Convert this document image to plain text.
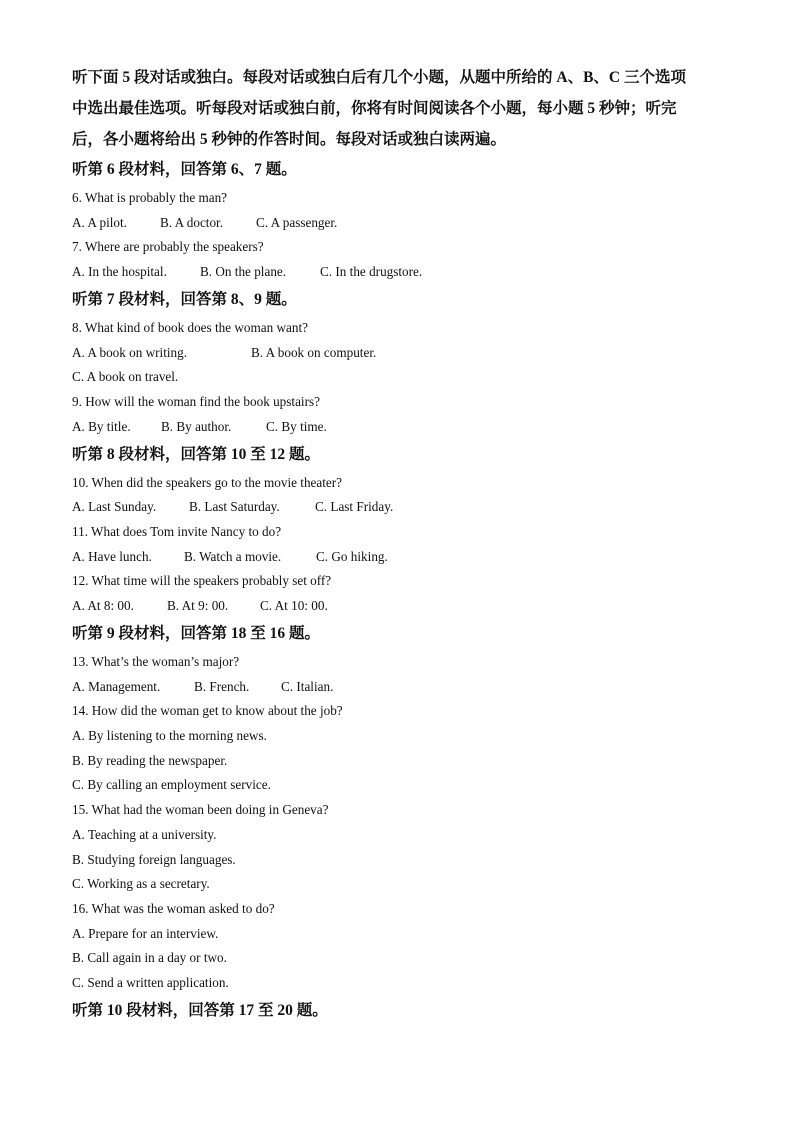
听下面 5 段对话或独白。每段对话或独白后有几个小题，从题中所给的 A、B、C 三个选项

中选出最佳选项。听每段对话或独白前，你将有时间阅读各个小题，每小题 5 秒钟；听完

后，各小题将给出 5 秒钟的作答时间。每段对话或独白读两遍。

听第 6 段材料，回答第 6、7 题。
6. What is probably the man?
A. A pilot.	B. A doctor. C. A passenger.
7. Where are probably the speakers?
A. In the hospital.	B. On the plane.	C. In the drugstore.
听第 7 段材料，回答第 8、9 题。
8. What kind of book does the woman want?
A. A book on writing.	B. A book on computer.
C. A book on travel.
9. How will the woman find the book upstairs?
A. By title. B. By author.	C. By time.
听第 8 段材料，回答第 10 至 12 题。
10. When did the speakers go to the movie theater?
A. Last Sunday. B. Last Saturday.	C. Last Friday.
11. What does Tom invite Nancy to do?
A. Have lunch. B. Watch a movie.	C. Go hiking.
12. What time will the speakers probably set off?
A. At 8: 00.	B. At 9: 00. C. At 10: 00.
听第 9 段材料，回答第 18 至 16 题。
13. What’s the woman’s major?
A. Management.	B. French. C. Italian.
14. How did the woman get to know about the job?
A. By listening to the morning news.
B. By reading the newspaper.
C. By calling an employment service.
15. What had the woman been doing in Geneva?
A. Teaching at a university.
B. Studying foreign languages.
C. Working as a secretary.
16. What was the woman asked to do?
A. Prepare for an interview.
B. Call again in a day or two.
C. Send a written application.
听第 10 段材料，回答第 17 至 20 题。
